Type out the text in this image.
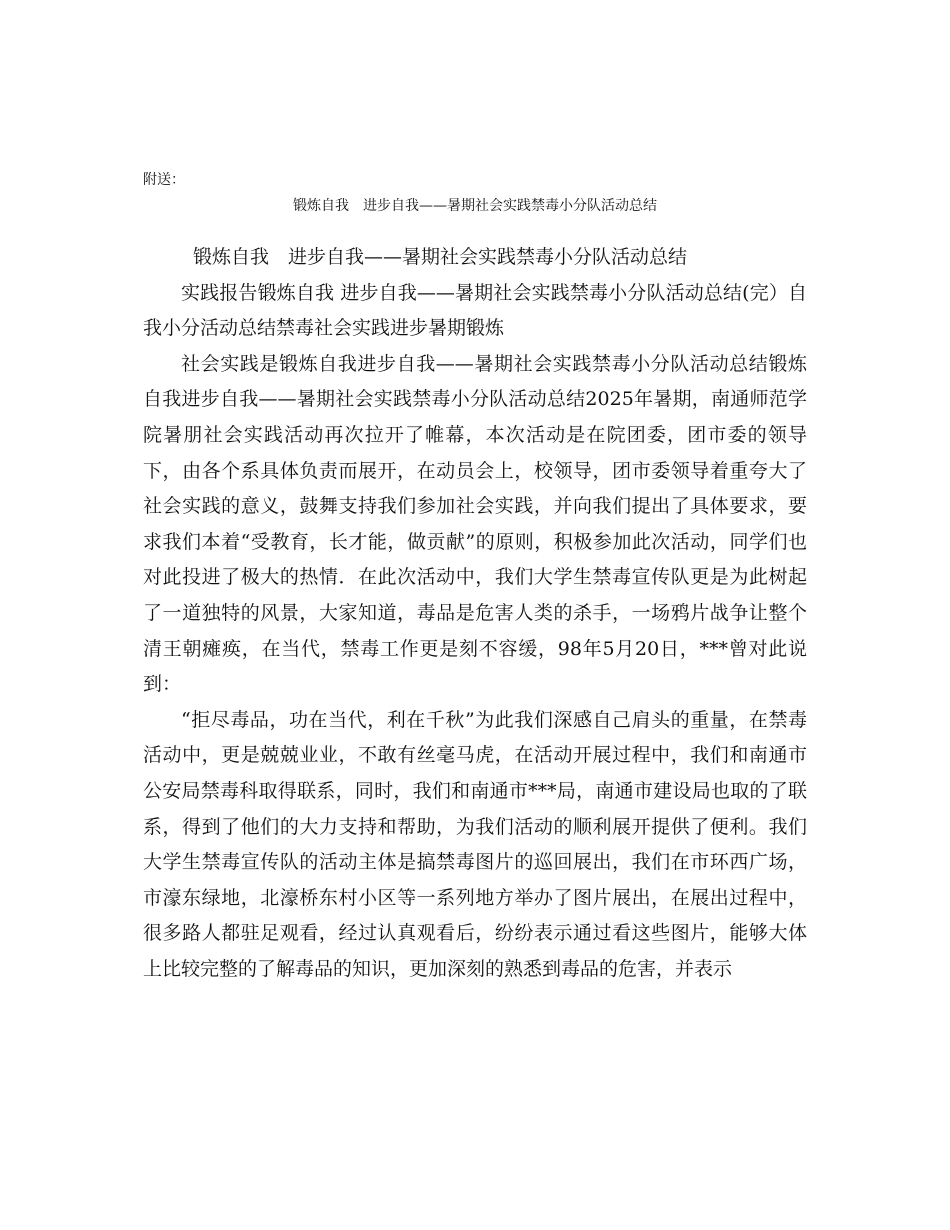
附送：
锻炼自我　进步自我——暑期社会实践禁毒小分队活动总结

锻炼自我　进步自我——暑期社会实践禁毒小分队活动总结

实践报告锻炼自我 进步自我——暑期社会实践禁毒小分队活动总结(完）自我小分活动总结禁毒社会实践进步暑期锻炼

社会实践是锻炼自我进步自我——暑期社会实践禁毒小分队活动总结锻炼自我进步自我——暑期社会实践禁毒小分队活动总结2025年暑期，南通师范学院暑朋社会实践活动再次拉开了帷幕，本次活动是在院团委，团市委的领导下，由各个系具体负责而展开，在动员会上，校领导，团市委领导着重夸大了社会实践的意义，鼓舞支持我们参加社会实践，并向我们提出了具体要求，要求我们本着“受教育，长才能，做贡献”的原则，积极参加此次活动，同学们也对此投进了极大的热情．在此次活动中，我们大学生禁毒宣传队更是为此树起了一道独特的风景，大家知道，毒品是危害人类的杀手，一场鸦片战争让整个清王朝瘫痪，在当代，禁毒工作更是刻不容缓，98年5月20日，***曾对此说到：

“拒尽毒品，功在当代，利在千秋”为此我们深感自己肩头的重量，在禁毒活动中，更是兢兢业业，不敢有丝毫马虎，在活动开展过程中，我们和南通市公安局禁毒科取得联系，同时，我们和南通市***局，南通市建设局也取的了联系，得到了他们的大力支持和帮助，为我们活动的顺利展开提供了便利。我们大学生禁毒宣传队的活动主体是搞禁毒图片的巡回展出，我们在市环西广场，市濠东绿地，北濠桥东村小区等一系列地方举办了图片展出，在展出过程中，很多路人都驻足观看，经过认真观看后，纷纷表示通过看这些图片，能够大体上比较完整的了解毒品的知识，更加深刻的熟悉到毒品的危害，并表示
